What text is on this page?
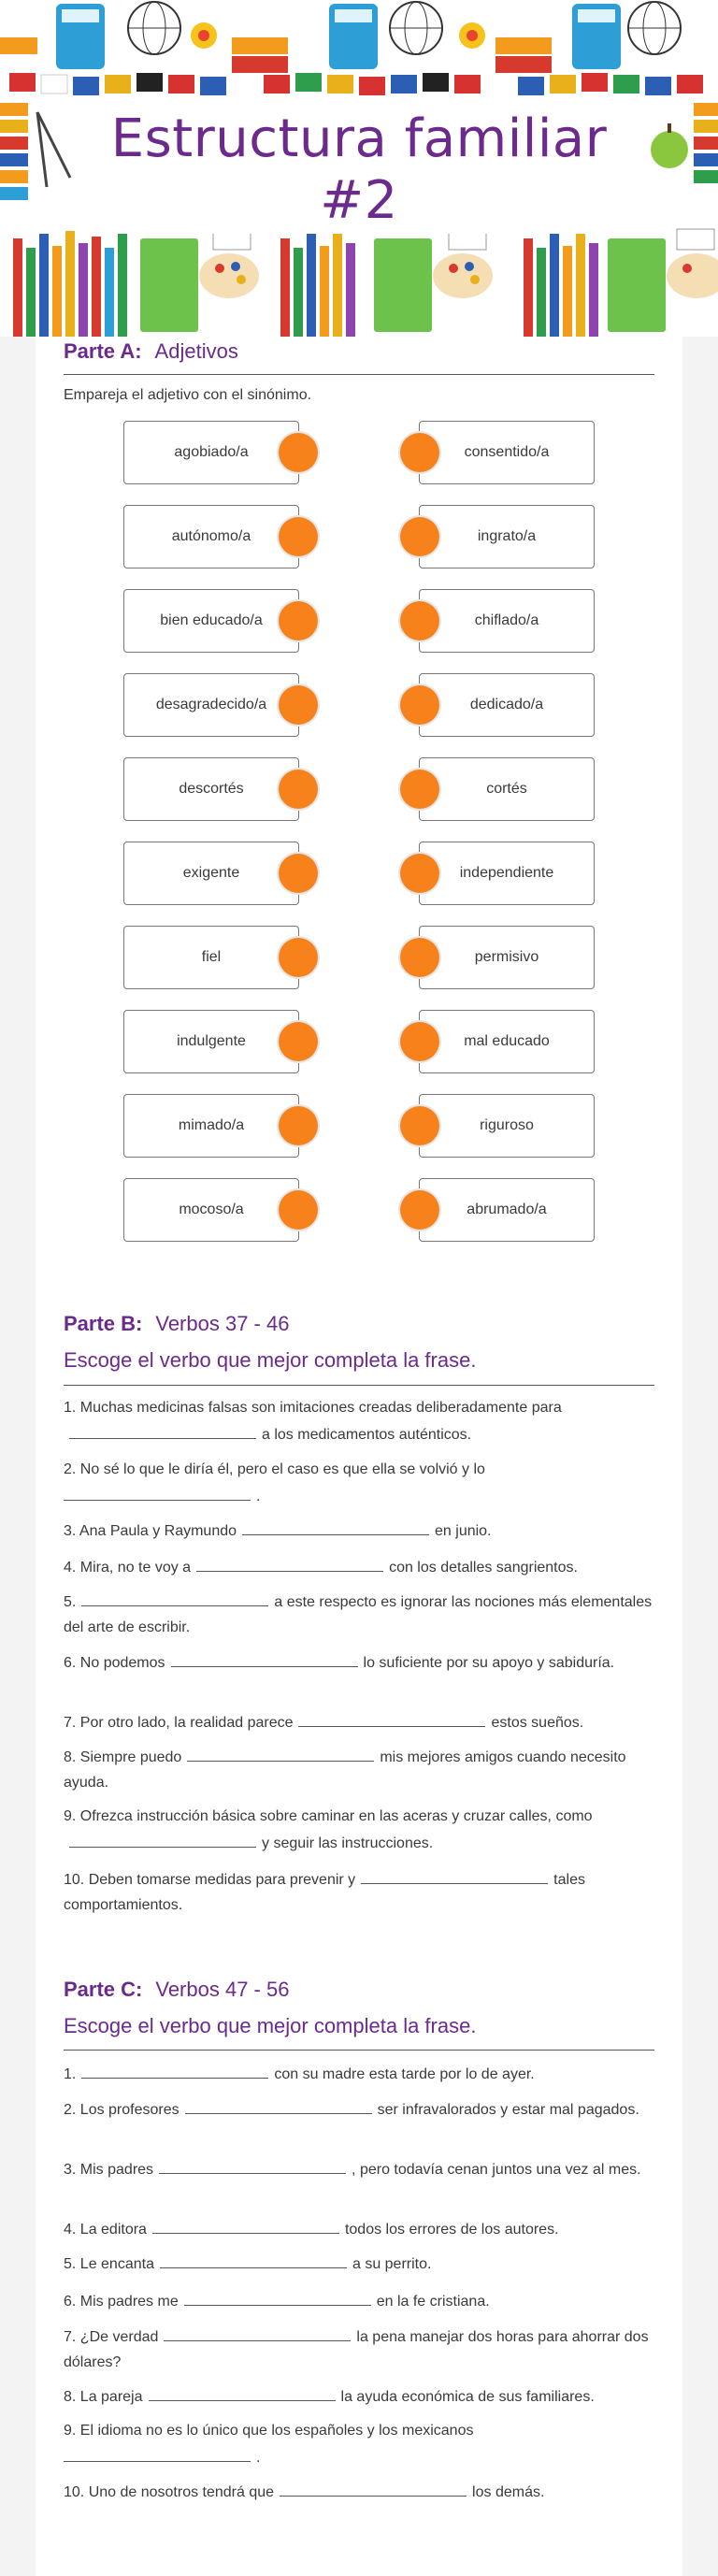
Estructura familiar
#2
Parte A: Adjetivos
Empareja el adjetivo con el sinónimo.
agobiado/a	consentido/a
autónomo/a	ingrato/a
bien educado/a	chiflado/a
desagradecido/a	dedicado/a
descortés	cortés
exigente	independiente
fiel	permisivo
indulgente	mal educado
mimado/a	riguroso
mocoso/a	abrumado/a
Parte B: Verbos 37 - 46
Escoge el verbo que mejor completa la frase.
1. Muchas medicinas falsas son imitaciones creadas deliberadamente para
a los medicamentos auténticos.
2. No sé lo que le diría él, pero el caso es que ella se volvió y lo
.
3. Ana Paula y Raymundo	en junio.
4. Mira, no te voy a	con los detalles sangrientos.
5.	a este respecto es ignorar las nociones más elementales del arte de escribir.
6. No podemos	lo suficiente por su apoyo y sabiduría.
7. Por otro lado, la realidad parece	estos sueños.
8. Siempre puedo	mis mejores amigos cuando necesito ayuda.
9. Ofrezca instrucción básica sobre caminar en las aceras y cruzar calles, comoy seguir las instrucciones.
10. Deben tomarse medidas para prevenir y	tales comportamientos.
Parte C: Verbos 47 - 56
Escoge el verbo que mejor completa la frase.
1.	con su madre esta tarde por lo de ayer.
2. Los profesores	ser infravalorados y estar mal pagados.
3. Mis padres	, pero todavía cenan juntos una vez al mes.
4. La editora	todos los errores de los autores.
5. Le encanta	a su perrito.
6. Mis padres me	en la fe cristiana.
7. ¿De verdad	la pena manejar dos horas para ahorrar dos dólares?
8. La pareja	la ayuda económica de sus familiares.
9. El idioma no es lo único que los españoles y los mexicanos
.
10. Uno de nosotros tendrá que	los demás.
